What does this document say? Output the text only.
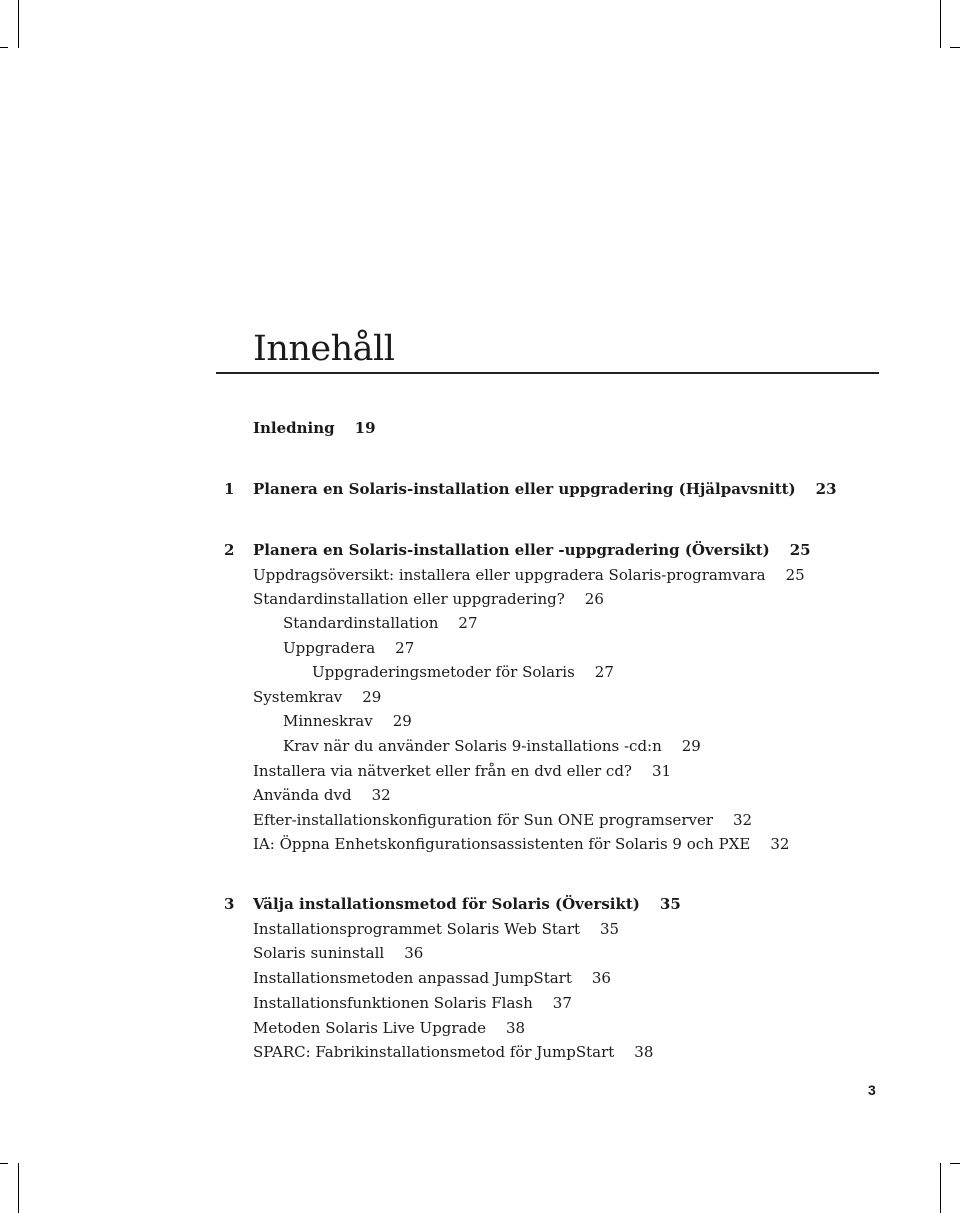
Innehåll
Inledning 19
1 Planera en Solaris-installation eller uppgradering (Hjälpavsnitt) 23
2 Planera en Solaris-installation eller -uppgradering (Översikt) 25
Uppdragsöversikt: installera eller uppgradera Solaris-programvara 25
Standardinstallation eller uppgradering? 26
Standardinstallation 27
Uppgradera 27
Uppgraderingsmetoder för Solaris 27
Systemkrav 29
Minneskrav 29
Krav när du använder Solaris 9-installations -cd:n 29
Installera via nätverket eller från en dvd eller cd? 31
Använda dvd 32
Efter-installationskonfiguration för Sun ONE programserver 32
IA: Öppna Enhetskonfigurationsassistenten för Solaris 9 och PXE 32
3 Välja installationsmetod för Solaris (Översikt) 35
Installationsprogrammet Solaris Web Start 35
Solaris suninstall 36
Installationsmetoden anpassad JumpStart 36
Installationsfunktionen Solaris Flash 37
Metoden Solaris Live Upgrade 38
SPARC: Fabrikinstallationsmetod för JumpStart 38
3
